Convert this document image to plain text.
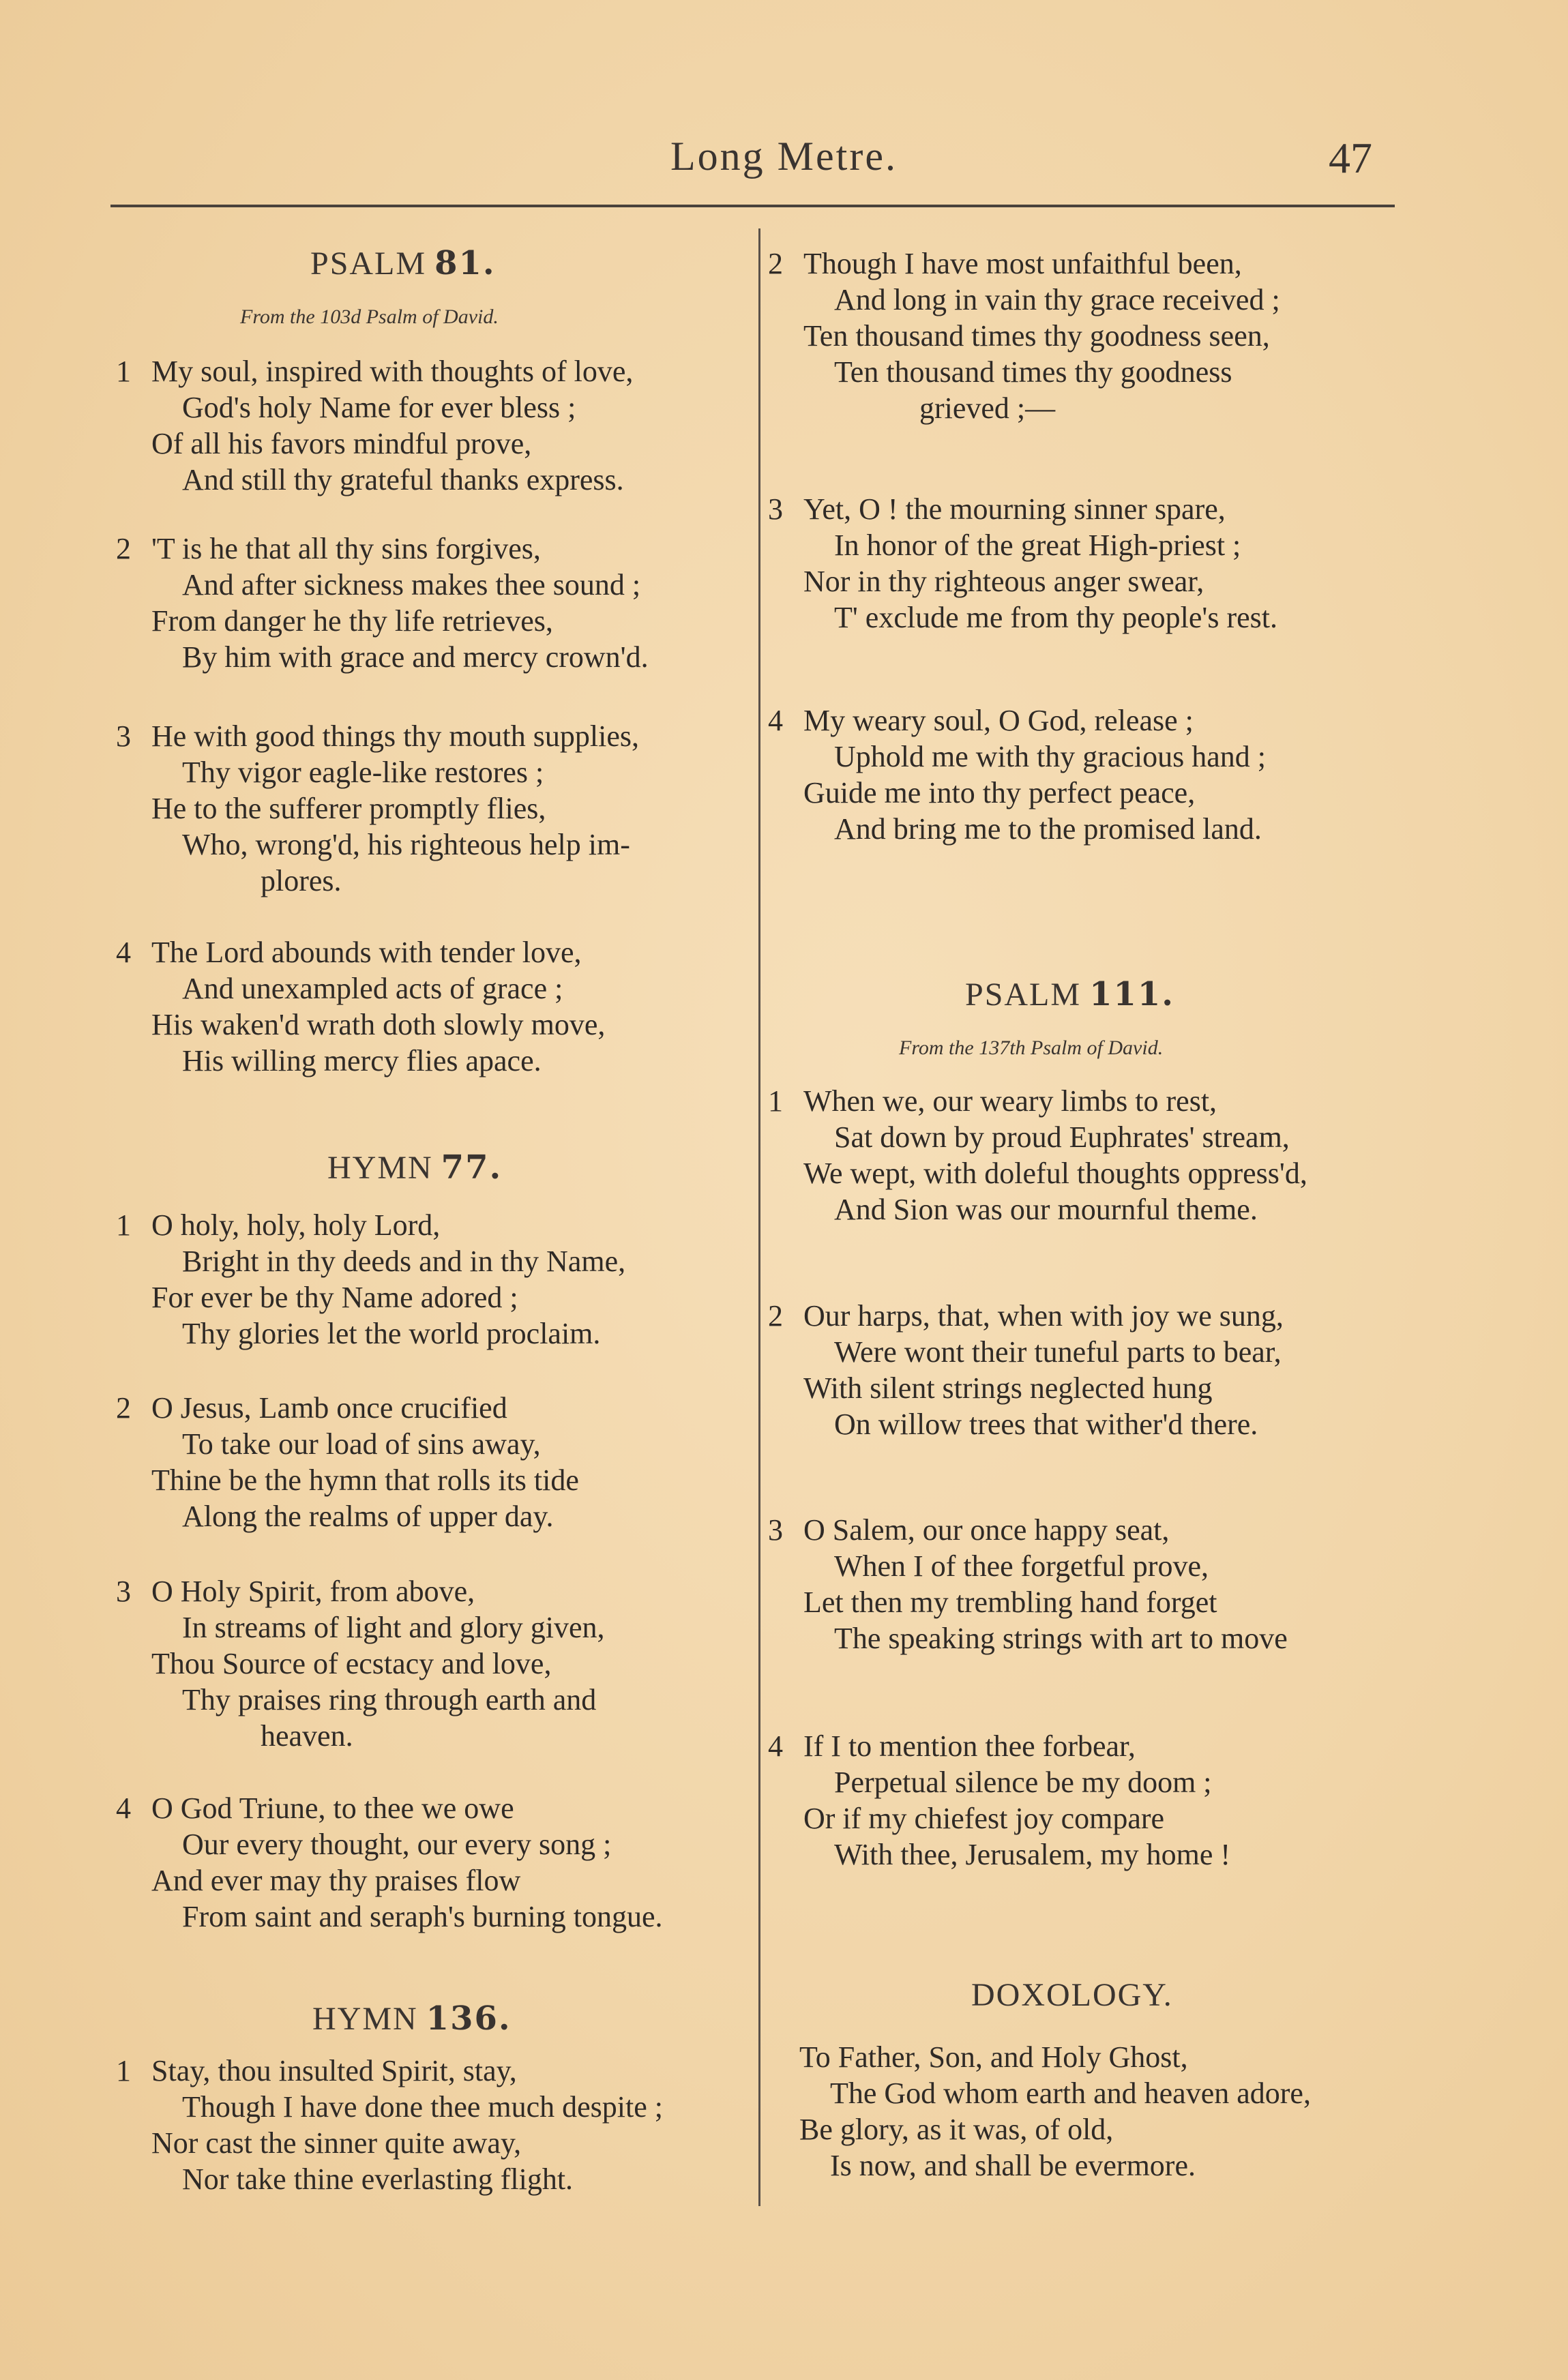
Long Metre.	47
PSALM 81.
From the 103d Psalm of David.
1 My soul, inspired with thoughts of love,
God's holy Name for ever bless ;
Of all his favors mindful prove,
And still thy grateful thanks express.
2 'T is he that all thy sins forgives,
And after sickness makes thee sound ;
From danger he thy life retrieves,
By him with grace and mercy crown'd.
3 He with good things thy mouth supplies,
Thy vigor eagle-like restores ;
He to the sufferer promptly flies,
Who, wrong'd, his righteous help im-
plores.
4 The Lord abounds with tender love,
And unexampled acts of grace ;
His waken'd wrath doth slowly move,
His willing mercy flies apace.
HYMN 77.
1 O holy, holy, holy Lord,
Bright in thy deeds and in thy Name,
For ever be thy Name adored ;
Thy glories let the world proclaim.
2 O Jesus, Lamb once crucified
To take our load of sins away,
Thine be the hymn that rolls its tide
Along the realms of upper day.
3 O Holy Spirit, from above,
In streams of light and glory given,
Thou Source of ecstacy and love,
Thy praises ring through earth and
heaven.
4 O God Triune, to thee we owe
Our every thought, our every song ;
And ever may thy praises flow
From saint and seraph's burning tongue.
HYMN 136.
1 Stay, thou insulted Spirit, stay,
Though I have done thee much despite ;
Nor cast the sinner quite away,
Nor take thine everlasting flight.
2 Though I have most unfaithful been,
And long in vain thy grace received ;
Ten thousand times thy goodness seen,
Ten thousand times thy goodness
grieved ;—
3 Yet, O ! the mourning sinner spare,
In honor of the great High-priest ;
Nor in thy righteous anger swear,
T' exclude me from thy people's rest.
4 My weary soul, O God, release ;
Uphold me with thy gracious hand ;
Guide me into thy perfect peace,
And bring me to the promised land.
PSALM 111.
From the 137th Psalm of David.
1 When we, our weary limbs to rest,
Sat down by proud Euphrates' stream,
We wept, with doleful thoughts oppress'd,
And Sion was our mournful theme.
2 Our harps, that, when with joy we sung,
Were wont their tuneful parts to bear,
With silent strings neglected hung
On willow trees that wither'd there.
3 O Salem, our once happy seat,
When I of thee forgetful prove,
Let then my trembling hand forget
The speaking strings with art to move
4 If I to mention thee forbear,
Perpetual silence be my doom ;
Or if my chiefest joy compare
With thee, Jerusalem, my home !
DOXOLOGY.
To Father, Son, and Holy Ghost,
The God whom earth and heaven adore,
Be glory, as it was, of old,
Is now, and shall be evermore.
